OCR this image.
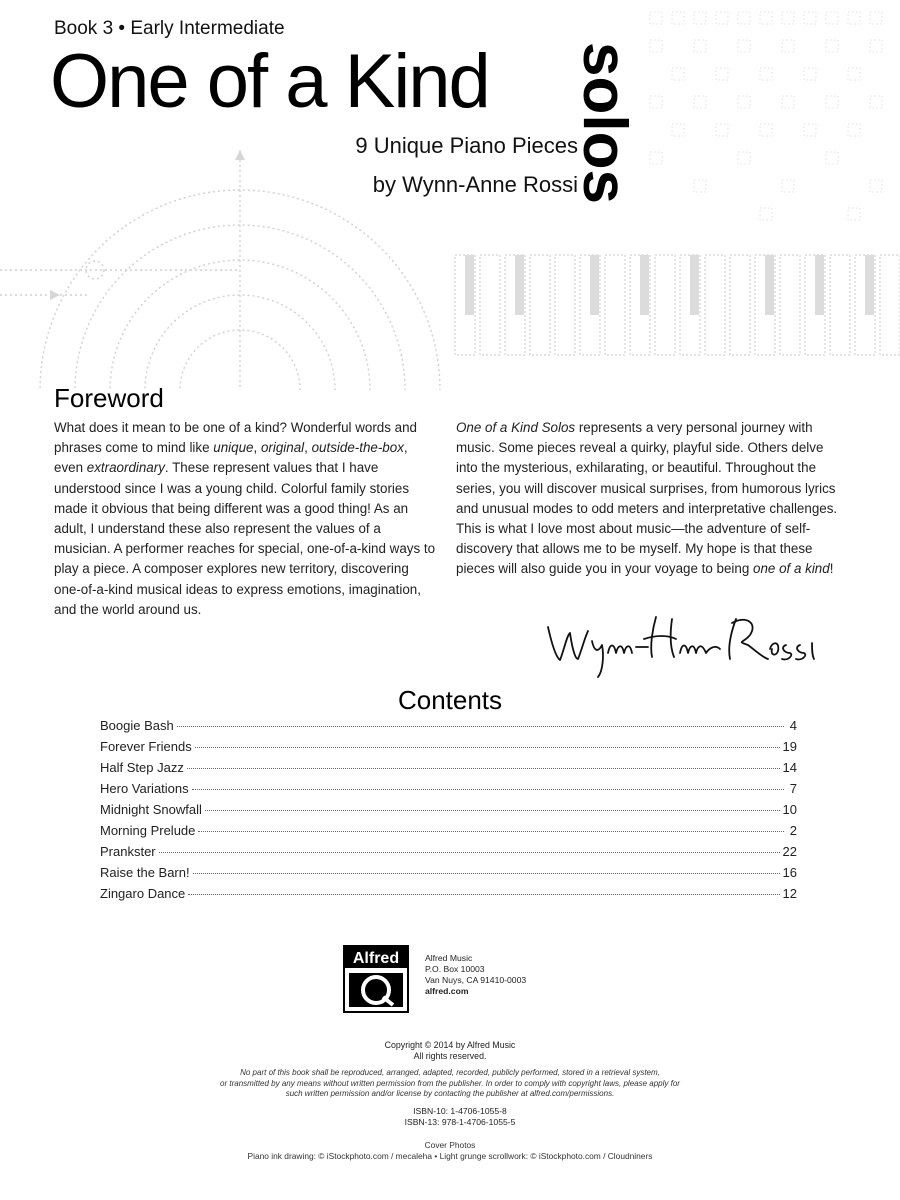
Book 3 • Early Intermediate
One of a Kind solos
9 Unique Piano Pieces
by Wynn-Anne Rossi
Foreword
What does it mean to be one of a kind? Wonderful words and phrases come to mind like unique, original, outside-the-box, even extraordinary. These represent values that I have understood since I was a young child. Colorful family stories made it obvious that being different was a good thing! As an adult, I understand these also represent the values of a musician. A performer reaches for special, one-of-a-kind ways to play a piece. A composer explores new territory, discovering one-of-a-kind musical ideas to express emotions, imagination, and the world around us.
One of a Kind Solos represents a very personal journey with music. Some pieces reveal a quirky, playful side. Others delve into the mysterious, exhilarating, or beautiful. Throughout the series, you will discover musical surprises, from humorous lyrics and unusual modes to odd meters and interpretative challenges. This is what I love most about music—the adventure of self-discovery that allows me to be myself. My hope is that these pieces will also guide you in your voyage to being one of a kind!
Contents
Boogie Bash	4
Forever Friends	19
Half Step Jazz	14
Hero Variations	7
Midnight Snowfall	10
Morning Prelude	2
Prankster	22
Raise the Barn!	16
Zingaro Dance	12
Alfred	Alfred Music
P.O. Box 10003
Van Nuys, CA 91410-0003
alfred.com
Copyright © 2014 by Alfred Music
All rights reserved.
No part of this book shall be reproduced, arranged, adapted, recorded, publicly performed, stored in a retrieval system,
or transmitted by any means without written permission from the publisher. In order to comply with copyright laws, please apply for
such written permission and/or license by contacting the publisher at alfred.com/permissions.
ISBN-10: 1-4706-1055-8
ISBN-13: 978-1-4706-1055-5
Cover Photos
Piano ink drawing: © iStockphoto.com / mecaleha • Light grunge scrollwork: © iStockphoto.com / Cloudniners
